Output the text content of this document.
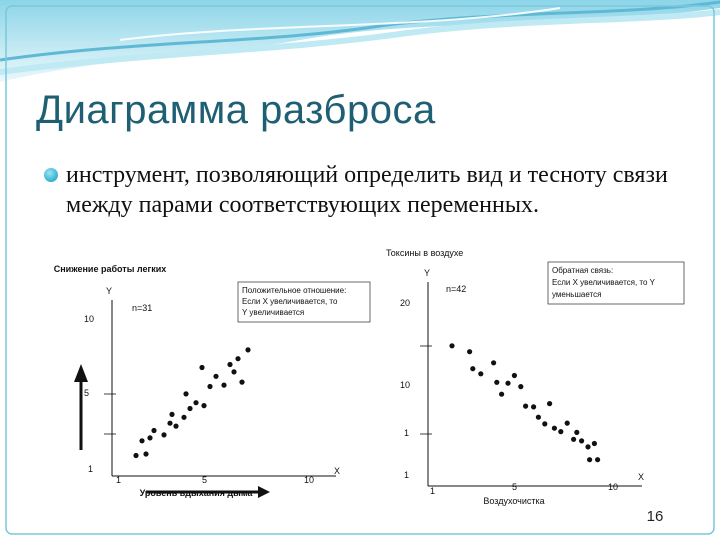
Диаграмма разброса
инструмент, позволяющий определить вид и тесноту связи между парами соответствующих переменных.
Снижение работы легких
Y
n=31
Положительное отношение:
Если X увеличивается, то
Y увеличивается
X
10
5
1
1	5	10
Уровень вдыхания дыма
Токсины в воздухе
Y
n=42
Обратная связь:
Если X увеличивается, то Y
уменьшается
X
20
10
1
1
1	5	10
Воздухочистка
16
